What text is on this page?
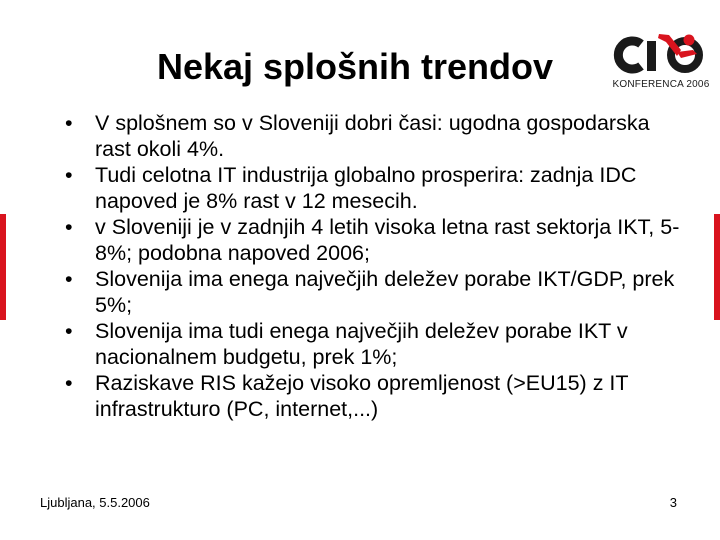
Nekaj splošnih trendov	KONFERENCA 2006
•	V splošnem so v Sloveniji dobri časi: ugodna gospodarska rast okoli 4%.
•	Tudi celotna IT industrija globalno prosperira: zadnja IDC napoved je 8% rast v 12 mesecih.
•	v Sloveniji je v zadnjih 4 letih visoka letna rast sektorja IKT, 5-8%; podobna napoved 2006;
•	Slovenija ima enega največjih deležev porabe IKT/GDP, prek 5%;
•	Slovenija ima tudi enega največjih deležev porabe IKT v nacionalnem budgetu, prek 1%;
•	Raziskave RIS kažejo visoko opremljenost (>EU15) z IT infrastrukturo (PC, internet,...)
Ljubljana, 5.5.2006	3
